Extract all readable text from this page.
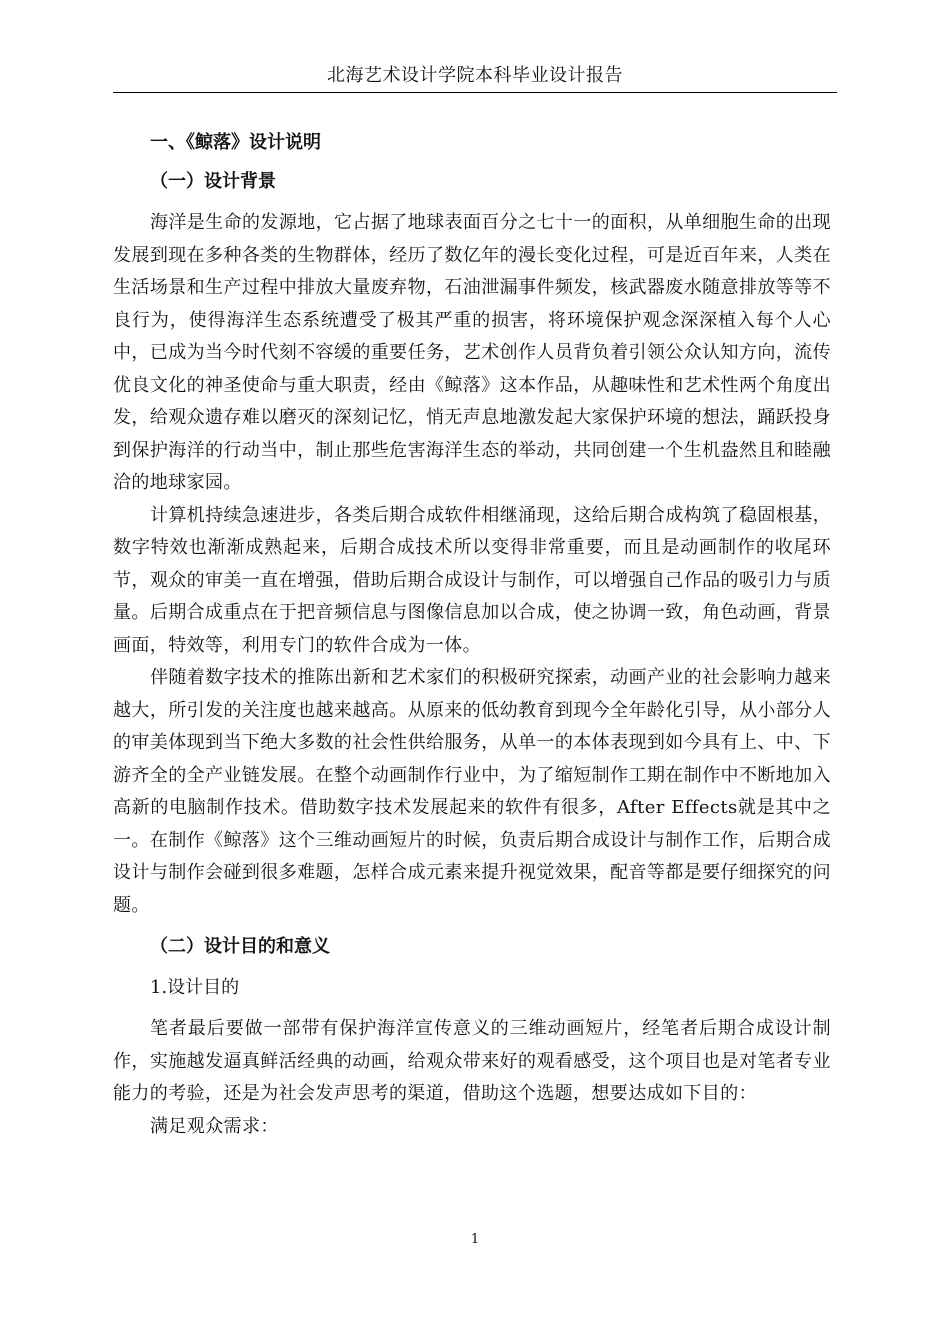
北海艺术设计学院本科毕业设计报告

一、《鲸落》设计说明

（一）设计背景

海洋是生命的发源地，它占据了地球表面百分之七十一的面积，从单细胞生命的出现发展到现在多种各类的生物群体，经历了数亿年的漫长变化过程，可是近百年来，人类在生活场景和生产过程中排放大量废弃物，石油泄漏事件频发，核武器废水随意排放等等不良行为，使得海洋生态系统遭受了极其严重的损害，将环境保护观念深深植入每个人心中，已成为当今时代刻不容缓的重要任务，艺术创作人员背负着引领公众认知方向，流传优良文化的神圣使命与重大职责，经由《鲸落》这本作品，从趣味性和艺术性两个角度出发，给观众遗存难以磨灭的深刻记忆，悄无声息地激发起大家保护环境的想法，踊跃投身到保护海洋的行动当中，制止那些危害海洋生态的举动，共同创建一个生机盎然且和睦融洽的地球家园。

计算机持续急速进步，各类后期合成软件相继涌现，这给后期合成构筑了稳固根基，数字特效也渐渐成熟起来，后期合成技术所以变得非常重要，而且是动画制作的收尾环节，观众的审美一直在增强，借助后期合成设计与制作，可以增强自己作品的吸引力与质量。后期合成重点在于把音频信息与图像信息加以合成，使之协调一致，角色动画，背景画面，特效等，利用专门的软件合成为一体。

伴随着数字技术的推陈出新和艺术家们的积极研究探索，动画产业的社会影响力越来越大，所引发的关注度也越来越高。从原来的低幼教育到现今全年龄化引导，从小部分人的审美体现到当下绝大多数的社会性供给服务，从单一的本体表现到如今具有上、中、下游齐全的全产业链发展。在整个动画制作行业中，为了缩短制作工期在制作中不断地加入高新的电脑制作技术。借助数字技术发展起来的软件有很多，After Effects就是其中之一。在制作《鲸落》这个三维动画短片的时候，负责后期合成设计与制作工作，后期合成设计与制作会碰到很多难题，怎样合成元素来提升视觉效果，配音等都是要仔细探究的问题。

（二）设计目的和意义

1.设计目的

笔者最后要做一部带有保护海洋宣传意义的三维动画短片，经笔者后期合成设计制作，实施越发逼真鲜活经典的动画，给观众带来好的观看感受，这个项目也是对笔者专业能力的考验，还是为社会发声思考的渠道，借助这个选题，想要达成如下目的：

满足观众需求：

1
